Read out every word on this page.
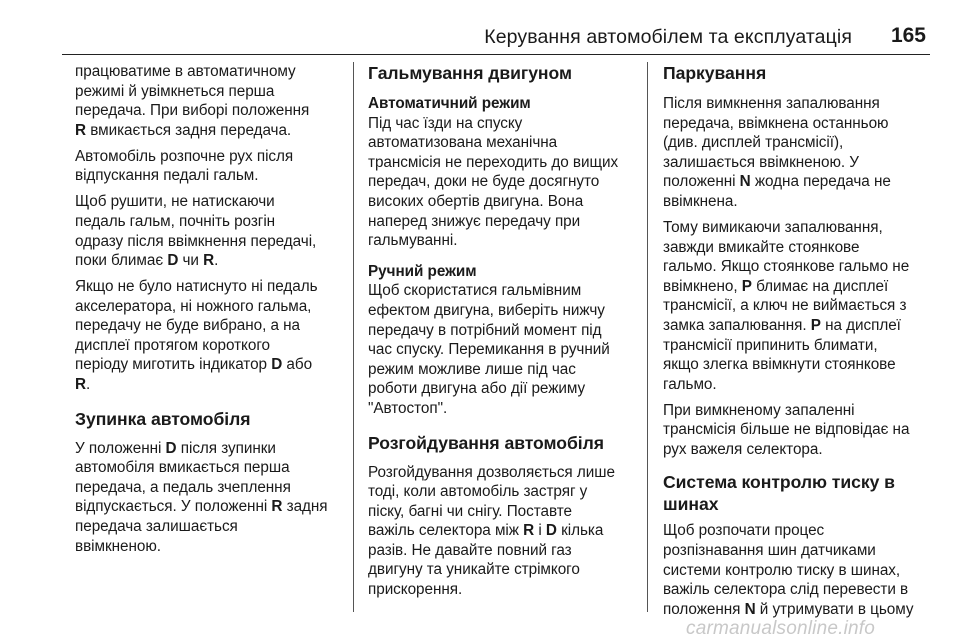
Керування автомобілем та експлуатація 165

працюватиме в автоматичному
режимі й увімкнеться перша
передача. При виборі положення
R вмикається задня передача.

Автомобіль розпочне рух після
відпускання педалі гальм.

Щоб рушити, не натискаючи
педаль гальм, почніть розгін
одразу після ввімкнення передачі,
поки блимає D чи R.

Якщо не було натиснуто ні педаль
акселератора, ні ножного гальма,
передачу не буде вибрано, а на
дисплеї протягом короткого
періоду миготить індикатор D або
R.

Зупинка автомобіля

У положенні D після зупинки
автомобіля вмикається перша
передача, а педаль зчеплення
відпускається. У положенні R задня
передача залишається
ввімкненою.

Гальмування двигуном
Автоматичний режим

Під час їзди на спуску
автоматизована механічна
трансмісія не переходить до вищих
передач, доки не буде досягнуто
високих обертів двигуна. Вона
наперед знижує передачу при
гальмуванні.

Ручний режим

Щоб скористатися гальмівним
ефектом двигуна, виберіть нижчу
передачу в потрібний момент під
час спуску. Перемикання в ручний
режим можливе лише під час
роботи двигуна або дії режиму
"Автостоп".

Розгойдування автомобіля

Розгойдування дозволяється лише
тоді, коли автомобіль застряг у
піску, багні чи снігу. Поставте
важіль селектора між R і D кілька
разів. Не давайте повний газ
двигуну та уникайте стрімкого
прискорення.

Паркування

Після вимкнення запалювання
передача, ввімкнена останньою
(див. дисплей трансмісії),
залишається ввімкненою. У
положенні N жодна передача не
ввімкнена.

Тому вимикаючи запалювання,
завжди вмикайте стоянкове
гальмо. Якщо стоянкове гальмо не
ввімкнено, P блимає на дисплеї
трансмісії, а ключ не виймається з
замка запалювання. P на дисплеї
трансмісії припинить блимати,
якщо злегка ввімкнути стоянкове
гальмо.

При вимкненому запаленні
трансмісія більше не відповідає на
рух важеля селектора.

Система контролю тиску в
шинах

Щоб розпочати процес
розпізнавання шин датчиками
системи контролю тиску в шинах,
важіль селектора слід перевести в
положення N й утримувати в цьому

carmanualsonline.info
